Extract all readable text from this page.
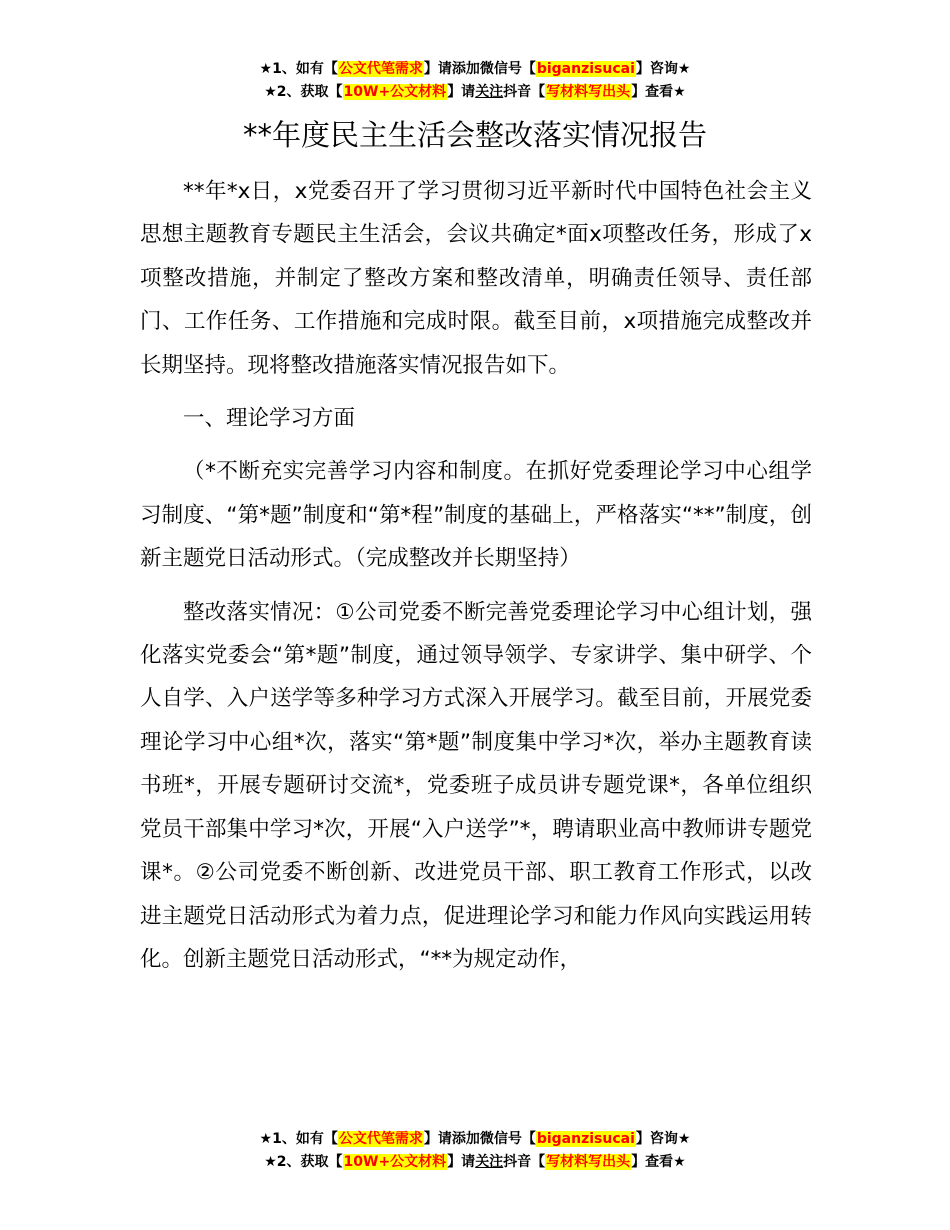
★1、如有【公文代笔需求】请添加微信号【biganzisucai】咨询★
★2、获取【10W+公文材料】请关注抖音【写材料写出头】查看★
**年度民主生活会整改落实情况报告

**年*x日，x党委召开了学习贯彻习近平新时代中国特色社会主义思想主题教育专题民主生活会，会议共确定*面x项整改任务，形成了x项整改措施，并制定了整改方案和整改清单，明确责任领导、责任部门、工作任务、工作措施和完成时限。截至目前，x项措施完成整改并长期坚持。现将整改措施落实情况报告如下。

一、理论学习方面

（*不断充实完善学习内容和制度。在抓好党委理论学习中心组学习制度、“第*题”制度和“第*程”制度的基础上，严格落实“**”制度，创新主题党日活动形式。（完成整改并长期坚持）

整改落实情况：①公司党委不断完善党委理论学习中心组计划，强化落实党委会“第*题”制度，通过领导领学、专家讲学、集中研学、个人自学、入户送学等多种学习方式深入开展学习。截至目前，开展党委理论学习中心组*次，落实“第*题”制度集中学习*次，举办主题教育读书班*，开展专题研讨交流*，党委班子成员讲专题党课*，各单位组织党员干部集中学习*次，开展“入户送学”*，聘请职业高中教师讲专题党课*。②公司党委不断创新、改进党员干部、职工教育工作形式，以改进主题党日活动形式为着力点，促进理论学习和能力作风向实践运用转化。创新主题党日活动形式，“**为规定动作，

★1、如有【公文代笔需求】请添加微信号【biganzisucai】咨询★
★2、获取【10W+公文材料】请关注抖音【写材料写出头】查看★
